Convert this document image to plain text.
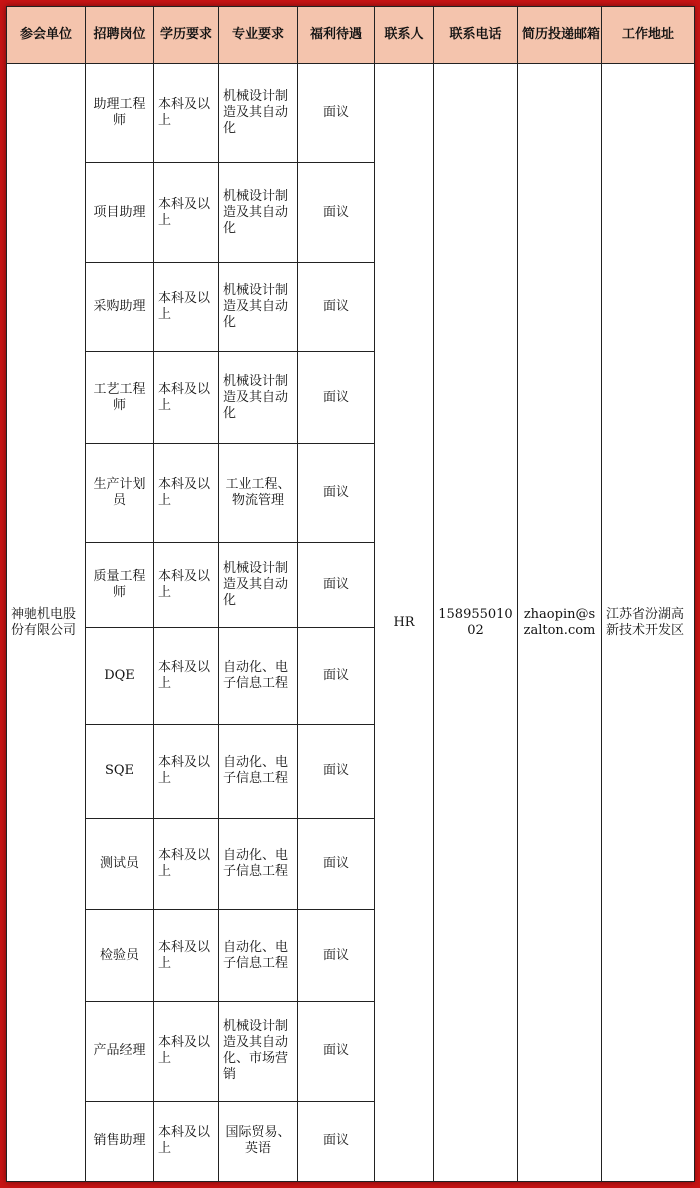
参会单位	招聘岗位	学历要求	专业要求	福利待遇	联系人	联系电话	简历投递邮箱	工作地址
神驰机电股份有限公司	助理工程师	本科及以上	机械设计制造及其自动化	面议	HR	15895501002	zhaopin@szalton.com	江苏省汾湖高新技术开发区
	项目助理	本科及以上	机械设计制造及其自动化	面议				
	采购助理	本科及以上	机械设计制造及其自动化	面议				
	工艺工程师	本科及以上	机械设计制造及其自动化	面议				
	生产计划员	本科及以上	工业工程、物流管理	面议				
	质量工程师	本科及以上	机械设计制造及其自动化	面议				
	DQE	本科及以上	自动化、电子信息工程	面议				
	SQE	本科及以上	自动化、电子信息工程	面议				
	测试员	本科及以上	自动化、电子信息工程	面议				
	检验员	本科及以上	自动化、电子信息工程	面议				
	产品经理	本科及以上	机械设计制造及其自动化、市场营销	面议				
	销售助理	本科及以上	国际贸易、英语	面议				
